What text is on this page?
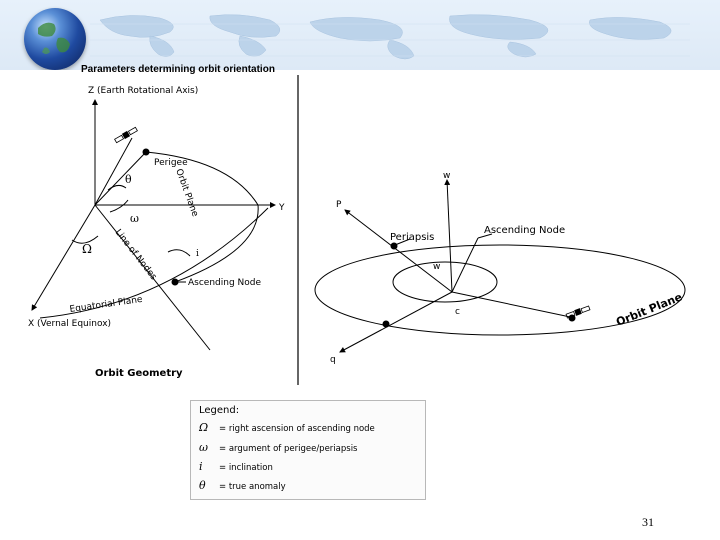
Parameters determining orbit orientation
Z (Earth Rotational Axis)
Y
X (Vernal Equinox)
Perigee
Orbit Plane
θ
ω
Ω Line of Nodes	i
Ascending Node
Equatorial Plane
Orbit Geometry
w
P
q
c
w
Periapsis
Ascending Node
Orbit Plane
Legend:
Ω = right ascension of ascending node
ω = argument of perigee/periapsis
i = inclination
θ = true anomaly
31
